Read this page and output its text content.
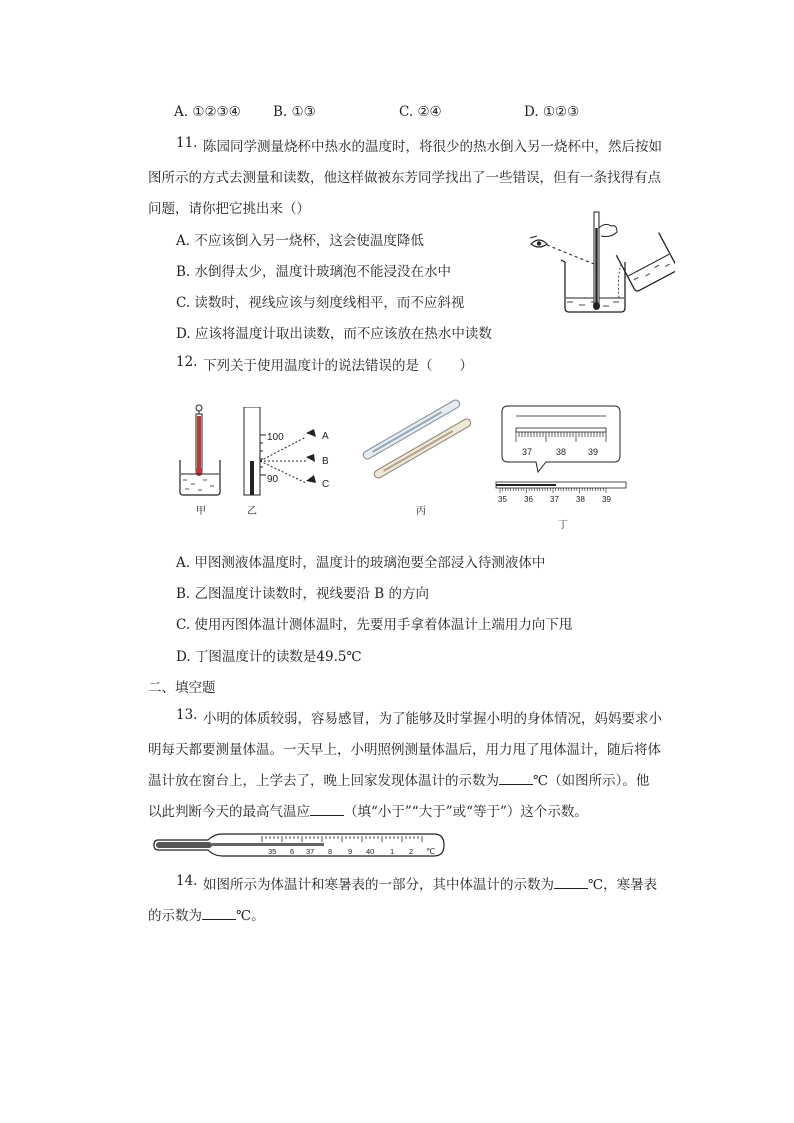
A. ①②③④ B. ①③	C. ②④	D. ①②③
11. 陈园同学测量烧杯中热水的温度时，将很少的热水倒入另一烧杯中，然后按如
图所示的方式去测量和读数，他这样做被东芳同学找出了一些错误，但有一条找得有点
问题，请你把它挑出来（）
A. 不应该倒入另一烧杯，这会使温度降低
B. 水倒得太少，温度计玻璃泡不能浸没在水中
C. 读数时，视线应该与刻度线相平，而不应斜视
D. 应该将温度计取出读数，而不应该放在热水中读数
12. 下列关于使用温度计的说法错误的是（　　）
甲
100
90
A
B
C
乙	丙
37	38 39
35 36 37 38 39
丁
A. 甲图测液体温度时，温度计的玻璃泡要全部浸入待测液体中
B. 乙图温度计读数时，视线要沿 B 的方向
C. 使用丙图体温计测体温时，先要用手拿着体温计上端用力向下甩
D. 丁图温度计的读数是49.5℃
二、填空题
13. 小明的体质较弱，容易感冒，为了能够及时掌握小明的身体情况，妈妈要求小
明每天都要测量体温。一天早上，小明照例测量体温后，用力甩了甩体温计，随后将体
温计放在窗台上，上学去了，晚上回家发现体温计的示数为	℃（如图所示）。他
以此判断今天的最高气温应	（填“小于”“大于”或“等于”）这个示数。
35 6 37 8 9 40 1 2 ℃
14. 如图所示为体温计和寒暑表的一部分，其中体温计的示数为	℃，寒暑表
的示数为	℃。
